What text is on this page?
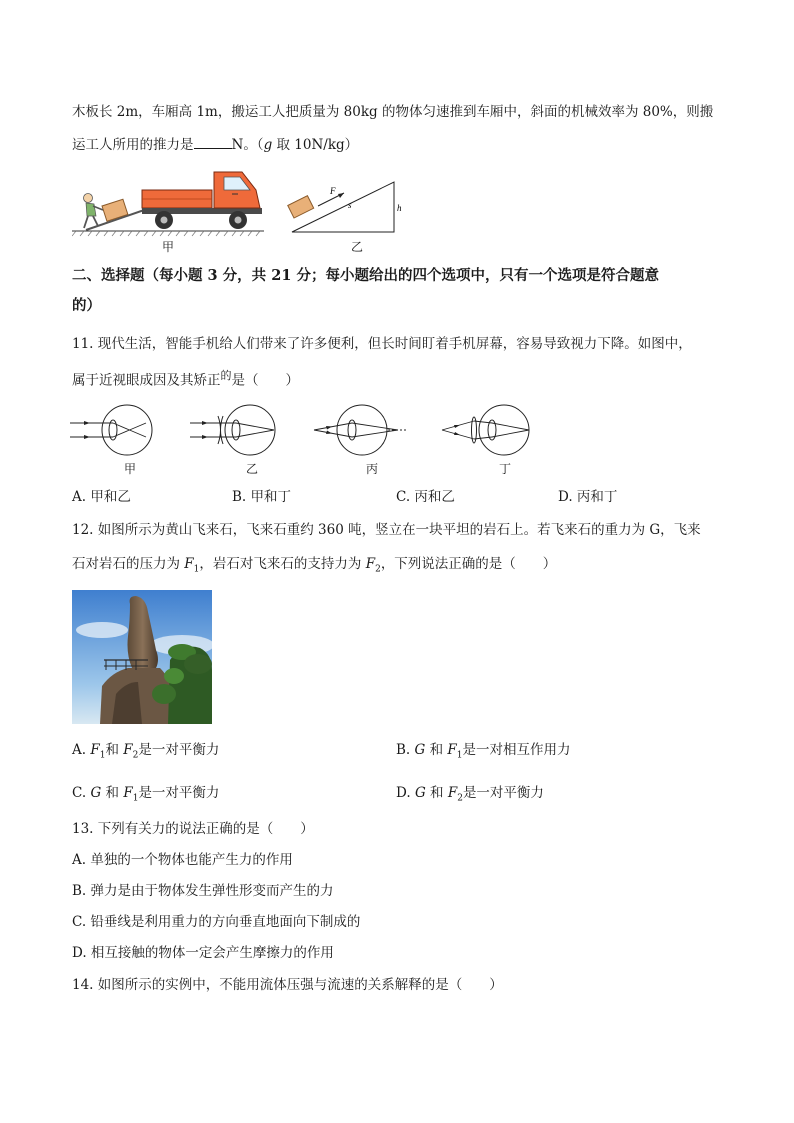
木板长 2m，车厢高 1m，搬运工人把质量为 80kg 的物体匀速推到车厢中，斜面的机械效率为 80%，则搬
运工人所用的推力是	N。（g 取 10N/kg）
甲
F
s	h
乙
二、选择题（每小题 3 分，共 21 分；每小题给出的四个选项中，只有一个选项是符合题意
的）
11. 现代生活，智能手机给人们带来了许多便利，但长时间盯着手机屏幕，容易导致视力下降。如图中，
属于近视眼成因及其矫正$^的$是（　　）
甲	乙	丙	丁
A. 甲和乙	B. 甲和丁	C. 丙和乙	D. 丙和丁
12. 如图所示为黄山飞来石，飞来石重约 360 吨，竖立在一块平坦的岩石上。若飞来石的重力为 G，飞来
石对岩石的压力为 $F_1$，岩石对飞来石的支持力为 $F_2$，下列说法正确的是（　　）
A. $F_1$和 $F_2$是一对平衡力	B. G 和 $F_1$是一对相互作用力
C. G 和 $F_1$是一对平衡力	D. G 和 $F_2$是一对平衡力
13. 下列有关力的说法正确的是（　　）
A. 单独的一个物体也能产生力的作用
B. 弹力是由于物体发生弹性形变而产生的力
C. 铅垂线是利用重力的方向垂直地面向下制成的
D. 相互接触的物体一定会产生摩擦力的作用
14. 如图所示的实例中，不能用流体压强与流速的关系解释的是（　　）
